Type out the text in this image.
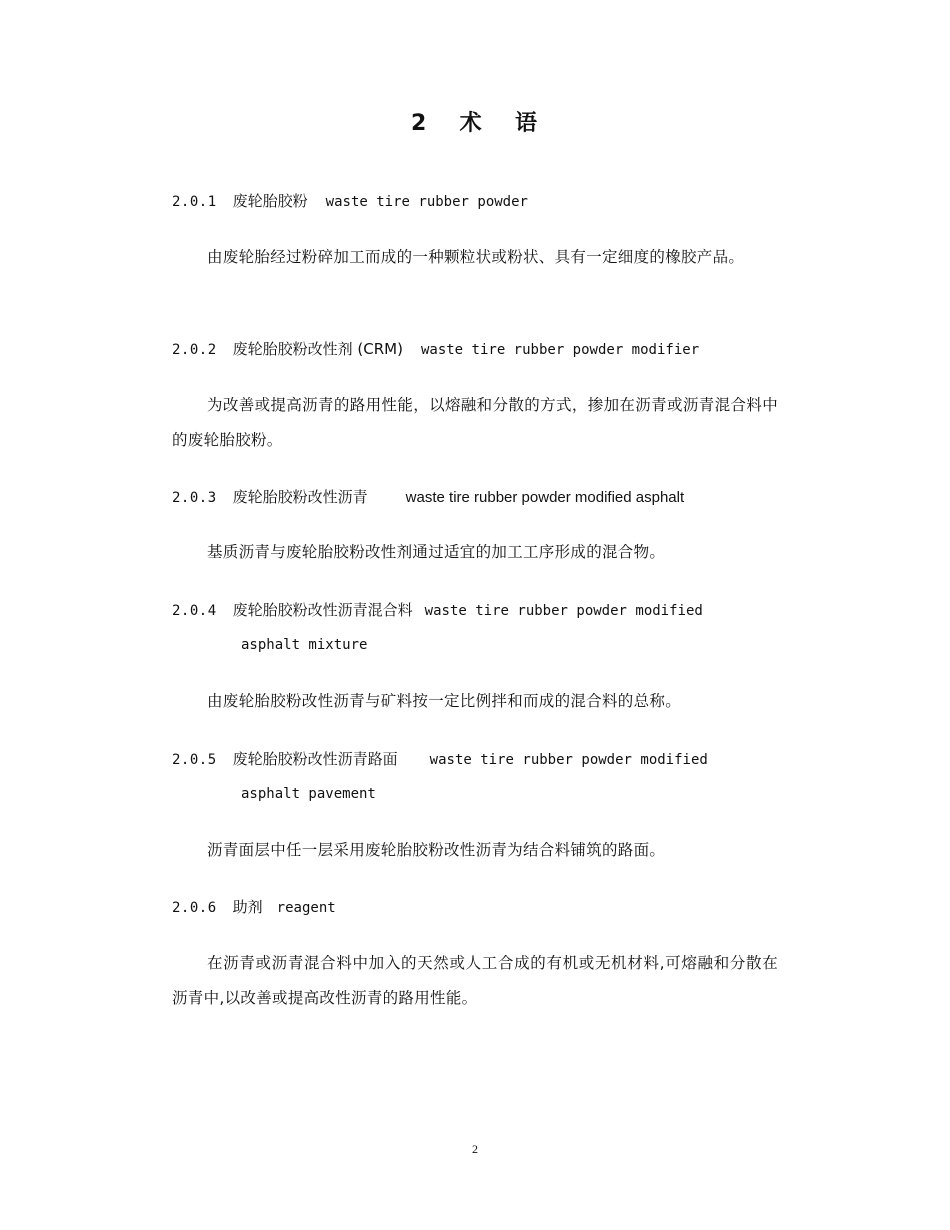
2 术  语
2.0.1 废轮胎胶粉 waste tire rubber powder
由废轮胎经过粉碎加工而成的一种颗粒状或粉状、具有一定细度的橡胶产品。
2.0.2 废轮胎胶粉改性剂 (CRM) waste tire rubber powder modifier
为改善或提高沥青的路用性能，以熔融和分散的方式，掺加在沥青或沥青混合料中的废轮胎胶粉。
2.0.3 废轮胎胶粉改性沥青	waste tire rubber powder modified asphalt
基质沥青与废轮胎胶粉改性剂通过适宜的加工工序形成的混合物。
2.0.4 废轮胎胶粉改性沥青混合料 waste tire rubber powder modified
asphalt mixture
由废轮胎胶粉改性沥青与矿料按一定比例拌和而成的混合料的总称。
2.0.5 废轮胎胶粉改性沥青路面 waste tire rubber powder modified
asphalt pavement
沥青面层中任一层采用废轮胎胶粉改性沥青为结合料铺筑的路面。
2.0.6 助剂 reagent
在沥青或沥青混合料中加入的天然或人工合成的有机或无机材料,可熔融和分散在沥青中,以改善或提高改性沥青的路用性能。
2
